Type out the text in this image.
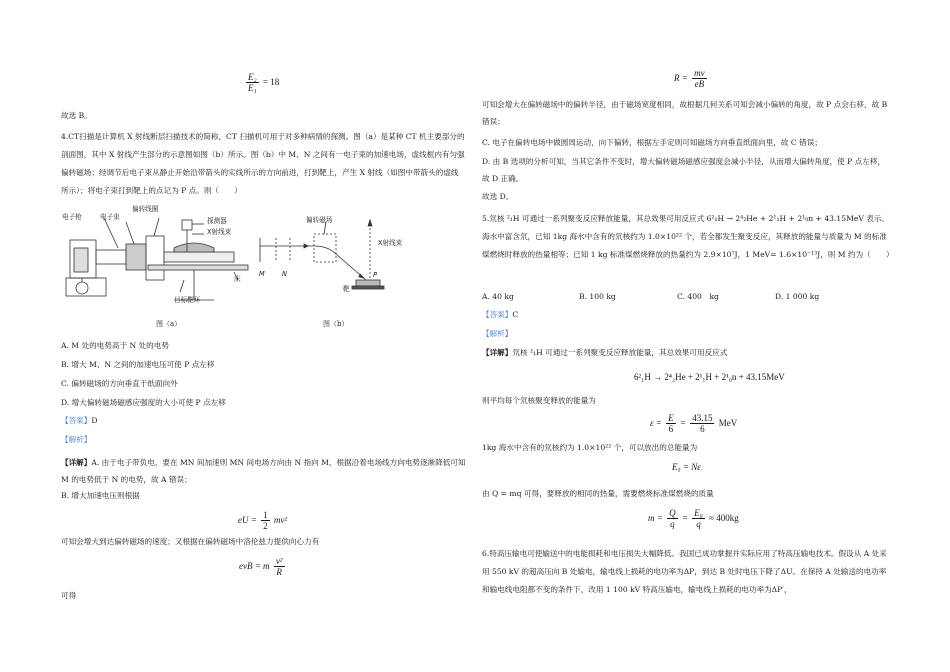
$\frac{\text{E₂}}{\text{E₁}} = 18$
故选 B。
4.CT扫描是计算机 X 射线断层扫描技术的简称，CT 扫描机可用于对多种病情的探测。图（a）是某种 CT 机主要部分的剖面图，其中 X 射线产生部分的示意图如图（b）所示。图（b）中 M、N 之间有一电子束的加速电场，虚线框内有匀强偏转磁场；经调节后电子束从静止开始沿带箭头的实线所示的方向前进，打到靶上，产生 X 射线（如图中带箭头的虚线所示）；将电子束打到靶上的点记为 P 点。则（　　）
电子枪	电子束
偏转线圈
探测器
X射线束
床
目标靶环
图（a）
偏转磁场
X射线束
M	N	P
靶
图（b）
A. M 处的电势高于 N 处的电势
B. 增大 M、N 之间的加速电压可使 P 点左移
C. 偏转磁场的方向垂直于纸面向外
D. 增大偏转磁场磁感应强度的大小可使 P 点左移
【答案】D
【解析】
【详解】A. 由于电子带负电，要在 MN 间加速则 MN 间电场方向由 N 指向 M，根据沿着电场线方向电势逐渐降低可知 M 的电势低于 N 的电势，故 A 错误；
B. 增大加速电压则根据
eU = $\frac{1}{2} mv^2$
可知会增大到达偏转磁场的速度；又根据在偏转磁场中洛伦兹力提供向心力有
evB = m $\frac{\text{v²}}{R}$
可得
$R = \frac{mv}{eB}$
可知会增大在偏转磁场中的偏转半径，由于磁场宽度相同，故根据几何关系可知会减小偏转的角度，故 P 点会右移，故 B 错误；
C. 电子在偏转电场中做圆周运动，向下偏转，根据左手定则可知磁场方向垂直纸面向里，故 C 错误；
D. 由 B 选项的分析可知，当其它条件不变时，增大偏转磁场磁感应强度会减小半径，从而增大偏转角度，使 P 点左移，故 D 正确。
故选 D。
5.氘核 ²₁H 可通过一系列聚变反应释放能量，其总效果可用反应式 6²₁H → 2⁴₂He + 2¹₁H + 2¹₀n + 43.15MeV 表示。海水中富含氘，已知 1kg 海水中含有的氘核约为 1.0×10²² 个，若全都发生聚变反应，其释放的能量与质量为 M 的标准煤燃烧时释放的热量相等；已知 1 kg 标准煤燃烧释放的热量约为 2.9×10⁷J，1 MeV= 1.6×10⁻¹³J，则 M 约为（　　）
A. 40 kg	B. 100 kg	C. 400　kg	D. 1 000 kg
【答案】C
【解析】
【详解】氘核 ²₁H 可通过一系列聚变反应释放能量，其总效果可用反应式
6²₁H → 2⁴₂He + 2¹₁H + 2¹₀n + 43.15MeV
则平均每个氘核聚变释放的能量为
$\varepsilon = \frac{E}{6} = \frac{43.15}{6}$ MeV
1kg 海水中含有的氘核约为 1.0×10²² 个，可以放出的总能量为
E₀ = Nε
由 Q = mq 可得，要释放的相同的热量，需要燃烧标准煤燃烧的质量
$m = \frac{Q}{q} = \frac{\text{E₀}}{q} \approx 400kg$
6.特高压输电可使输送中的电能损耗和电压损失大幅降低。我国已成功掌握并实际应用了特高压输电技术。假设从 A 处采用 550 kV 的超高压向 B 处输电，输电线上损耗的电功率为ΔP，到达 B 处时电压下降了ΔU。在保持 A 处输送的电功率和输电线电阻都不变的条件下，改用 1 100 kV 特高压输电，输电线上损耗的电功率为ΔP′，
